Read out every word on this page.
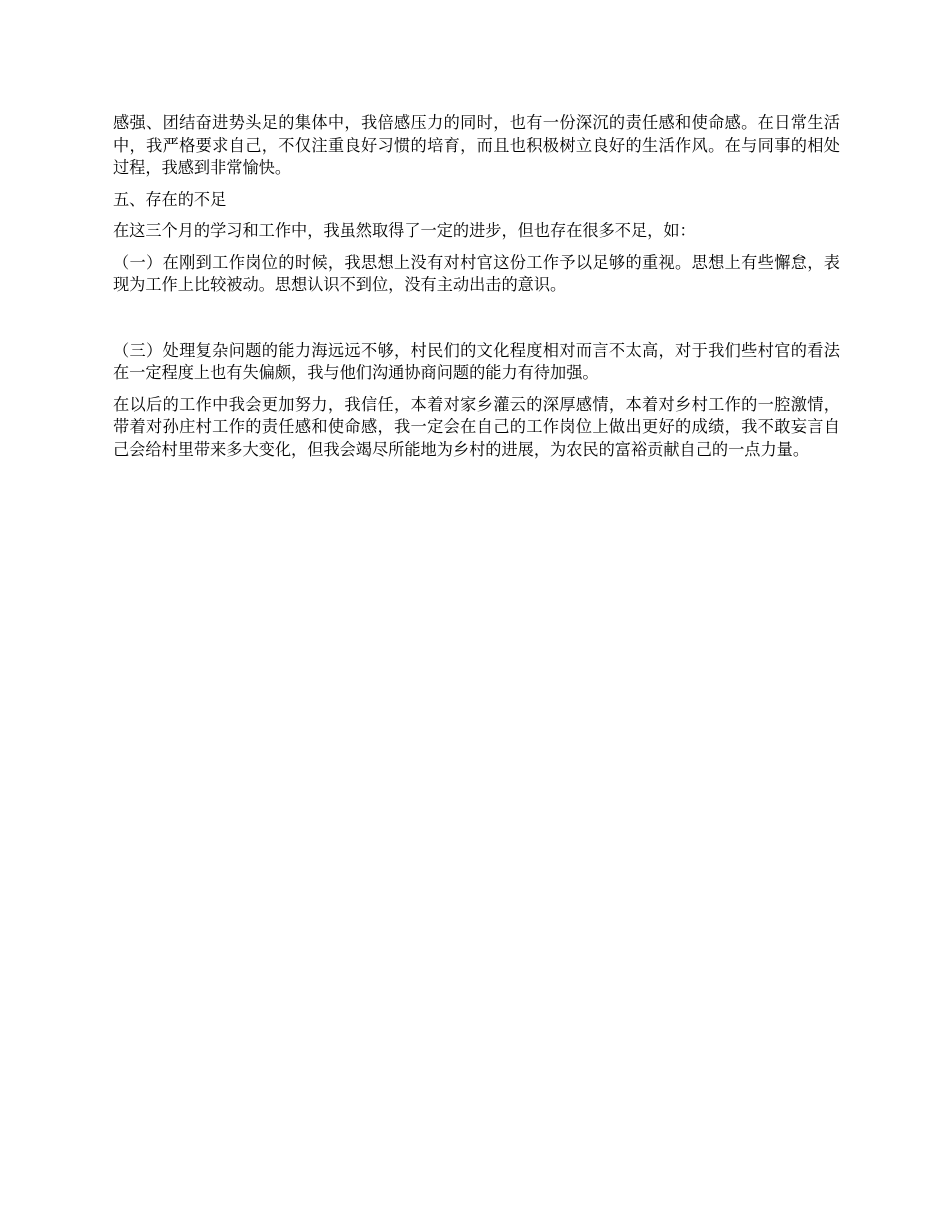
感强、团结奋进势头足的集体中，我倍感压力的同时，也有一份深沉的责任感和使命感。在日常生活中，我严格要求自己，不仅注重良好习惯的培育，而且也积极树立良好的生活作风。在与同事的相处过程，我感到非常愉快。

五、存在的不足

在这三个月的学习和工作中，我虽然取得了一定的进步，但也存在很多不足，如：

（一）在刚到工作岗位的时候，我思想上没有对村官这份工作予以足够的重视。思想上有些懈怠，表现为工作上比较被动。思想认识不到位，没有主动出击的意识。

（三）处理复杂问题的能力海远远不够，村民们的文化程度相对而言不太高，对于我们些村官的看法在一定程度上也有失偏颇，我与他们沟通协商问题的能力有待加强。

在以后的工作中我会更加努力，我信任，本着对家乡灌云的深厚感情，本着对乡村工作的一腔激情，带着对孙庄村工作的责任感和使命感，我一定会在自己的工作岗位上做出更好的成绩，我不敢妄言自己会给村里带来多大变化，但我会竭尽所能地为乡村的进展，为农民的富裕贡献自己的一点力量。
